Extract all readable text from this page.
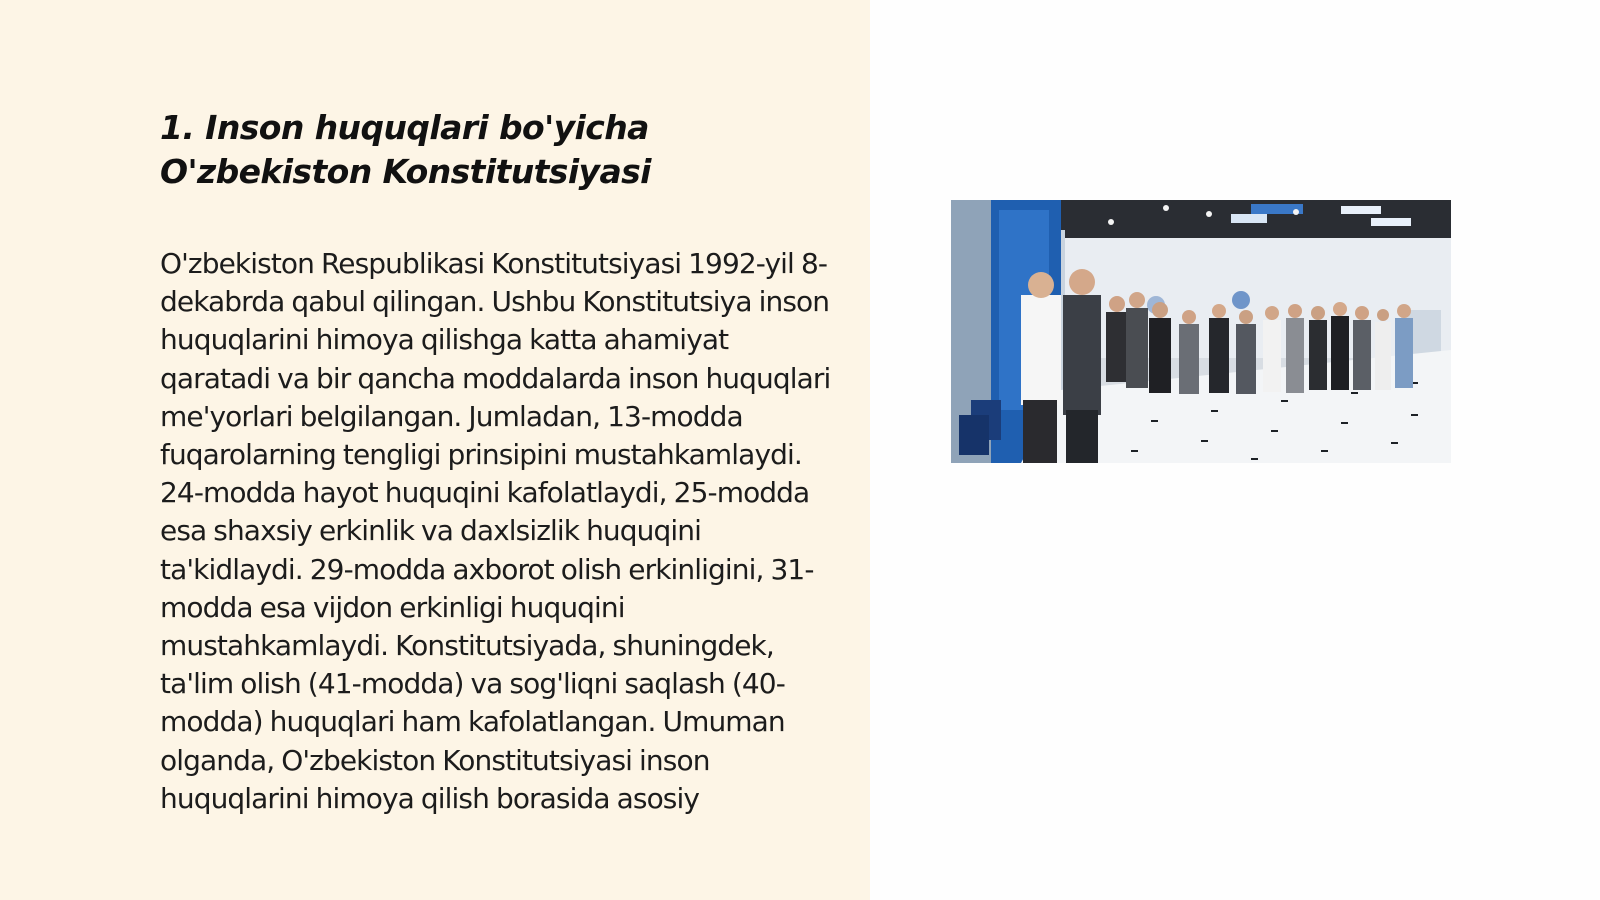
1. Inson huquqlari bo'yicha
O'zbekiston Konstitutsiyasi

O'zbekiston Respublikasi Konstitutsiyasi 1992-yil 8-dekabrda qabul qilingan. Ushbu Konstitutsiya inson huquqlarini himoya qilishga katta ahamiyat qaratadi va bir qancha moddalarda inson huquqlari me'yorlari belgilangan. Jumladan, 13-modda fuqarolarning tengligi prinsipini mustahkamlaydi. 24-modda hayot huquqini kafolatlaydi, 25-modda esa shaxsiy erkinlik va daxlsizlik huquqini ta'kidlaydi. 29-modda axborot olish erkinligini, 31-modda esa vijdon erkinligi huquqini mustahkamlaydi. Konstitutsiyada, shuningdek, ta'lim olish (41-modda) va sog'liqni saqlash (40-modda) huquqlari ham kafolatlangan. Umuman olganda, O'zbekiston Konstitutsiyasi inson huquqlarini himoya qilish borasida asosiy
